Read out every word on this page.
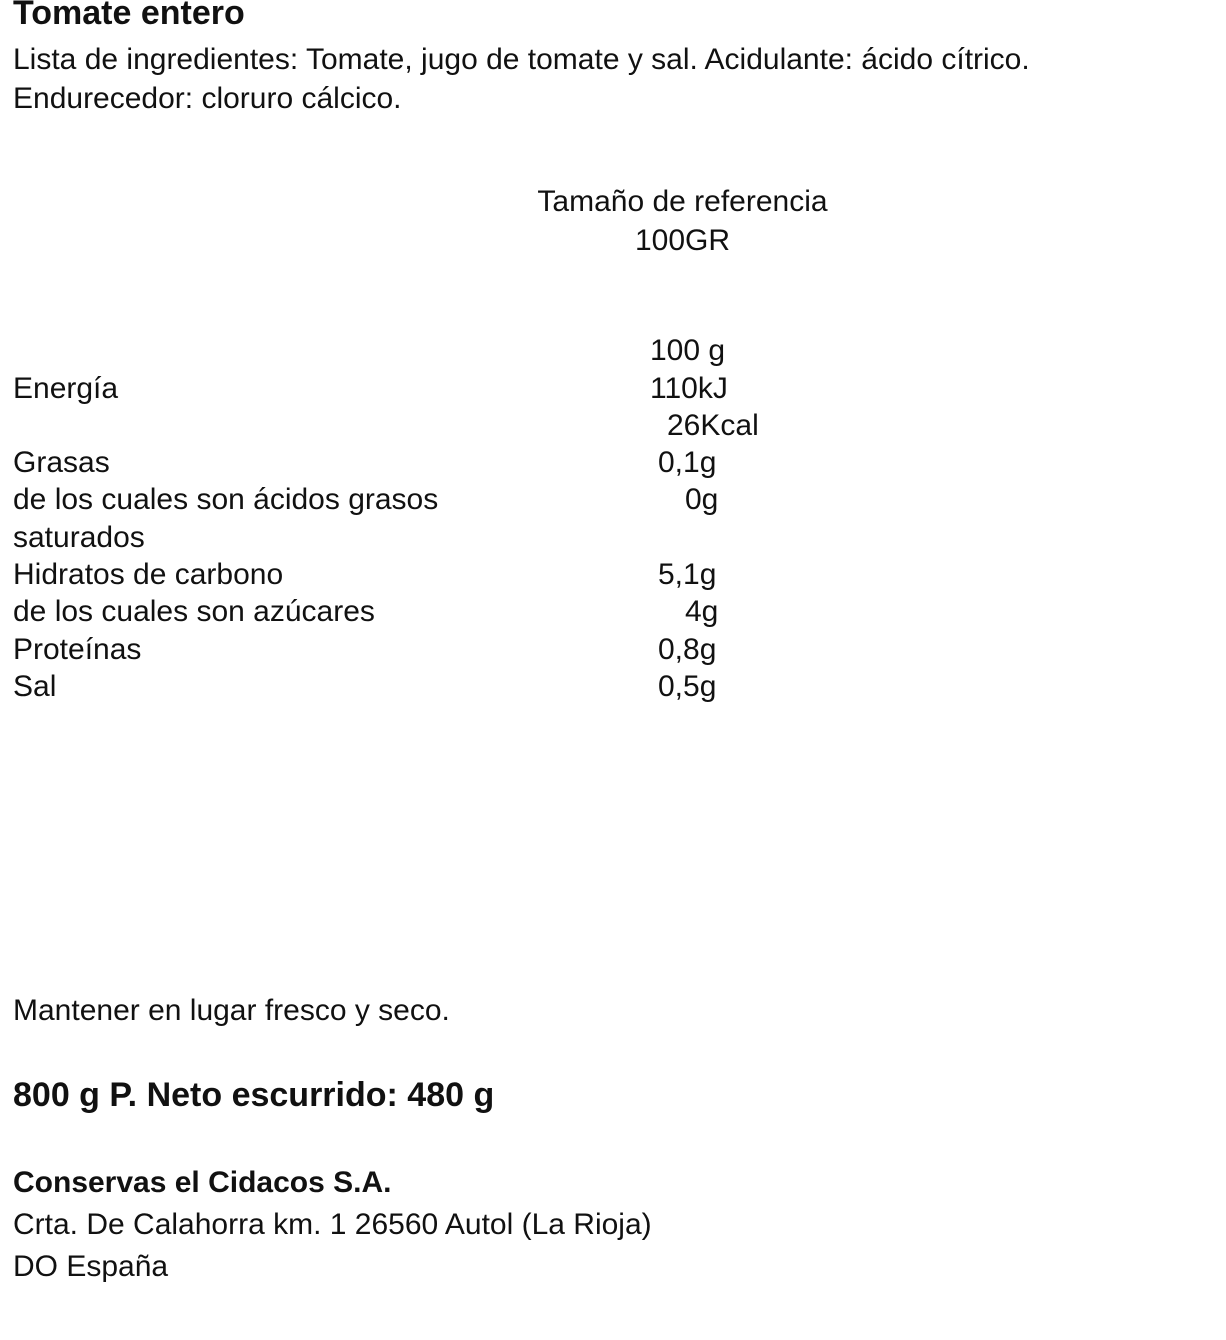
Tomate entero
Lista de ingredientes: Tomate, jugo de tomate y sal. Acidulante: ácido cítrico.
Endurecedor: cloruro cálcico.
Tamaño de referencia
100GR
100 g
Energía	110kJ
26Kcal
Grasas	0,1g
de los cuales son ácidos grasos	0g
saturados
Hidratos de carbono	5,1g
de los cuales son azúcares	4g
Proteínas	0,8g
Sal	0,5g
Mantener en lugar fresco y seco.
800 g P. Neto escurrido: 480 g
Conservas el Cidacos S.A.
Crta. De Calahorra km. 1 26560 Autol (La Rioja)
DO España
